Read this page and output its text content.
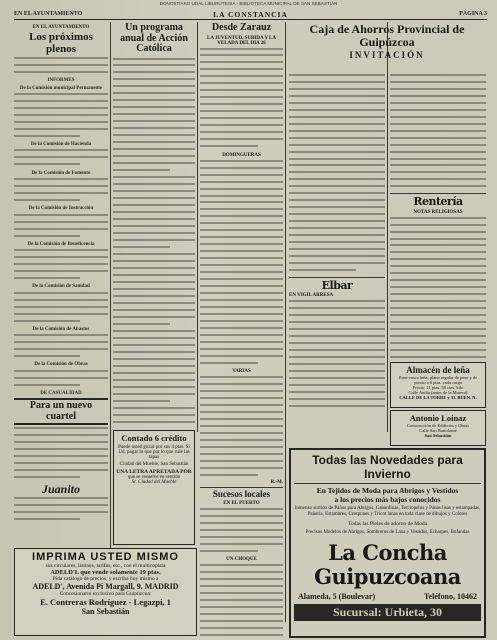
DONOSTIAKO UDAL LIBURUTEGIA - BIBLIOTECA MUNICIPAL DE SAN SEBASTIÁN
EN EL AYUNTAMIENTO	LA CONSTANCIA	PÁGINA 3
EN EL AYUNTAMIENTO
Los próximos plenos
INFORMES
De la Comisión municipal Permanente
De la Comisión de Hacienda
De la Comisión de Fomento
De la Comisión de Instrucción
De la Comisión de Beneficencia
De la Comisión de Sanidad
De la Comisión de Abastos
De la Comisión de Obras
DE CASUALIDAD
Para un nuevo cuartel
Juanito
IMPRIMA USTED MISMO
sus circulares, listines, tarifas, etc., con el multicopista
ADELD'L que vende solamente 19 ptas.
Pida catálogo de precios, y escriba hoy mismo a
ADELD', Avenida Pi Margall, 9. MADRID
Concesionario exclusivo para Guipúzcoa:
E. Contreras Rodríguez - Legazpi, 1
San Sebastián
Un programa anual de Acción Católica
Contado 6 crédito
Puede usted gozar por sus 4 ptas. Si Ud. pagar lo que por lo que vale las tapas
Ciudad del Mueble, San Sebastián
UNA LETRA APRETADA POR
que se resuelve en sentido
Sr. Ciudad del Mueble
Desde Zarauz
LA JUVENTUD, SUBIDA Y LA VELADA DEL DIA 26
DOMINGUERAS
VARIAS
R.-M.
Sucesos locales
EN EL PUERTO
UN CHOQUE
Caja de Ahorros Provincial de Guipúzcoa
INVITACIÓN
Elbar
EN VIGIL ARRESA
Rentería
NOTAS RELIGIOSAS
Almacén de leña
Pino-vasco leña, plano regular de peso y de precio a 6 ptas. cada carga
Precio: 11 ptas. 50 ctas. kilo
Calle Andía (antes de la Morera)
CALLE DE LA TORRE y 31. BUEN. N.
Antonio Loinaz
Construcción de Edificios y Obras
Calle San Bartolomé
San Sebastián
Todas las Novedades para Invierno
En Tejidos de Moda para Abrigos y Vestidos
a los precios más bajos conocidos
Inmenso surtido de Paños para Abrigos, Gabardinas, Terciopelos y Panas lisas y estampadas, Pañería, Estambres, Crespones y Tricot lanas en toda clase de dibujos y Colores
Todas las Pieles de adorno de Moda
Precisos Modelos de Abrigos, Sombreros de Lana y Vestidos, Echarpes, Bufandas
La Concha Guipuzcoana
Alameda, 5 (Boulevar)	Teléfono, 10462
Sucursal: Urbieta, 30
